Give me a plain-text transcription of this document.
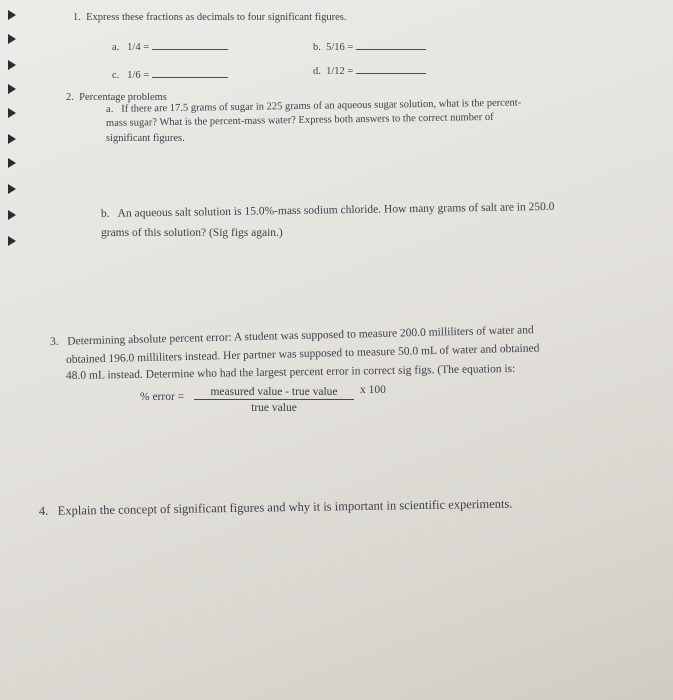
1. Express these fractions as decimals to four significant figures.
a. 1/4 =	b. 5/16 =
c. 1/6 =	d. 1/12 =
2. Percentage problems
a. If there are 17.5 grams of sugar in 225 grams of an aqueous sugar solution, what is the percent-
mass sugar? What is the percent-mass water? Express both answers to the correct number of
significant figures.
b. An aqueous salt solution is 15.0%-mass sodium chloride. How many grams of salt are in 250.0
grams of this solution? (Sig figs again.)
3. Determining absolute percent error: A student was supposed to measure 200.0 milliliters of water and
obtained 196.0 milliliters instead. Her partner was supposed to measure 50.0 mL of water and obtained
48.0 mL instead. Determine who had the largest percent error in correct sig figs. (The equation is:
% error =	measured value - true value
true value
x 100
4. Explain the concept of significant figures and why it is important in scientific experiments.
